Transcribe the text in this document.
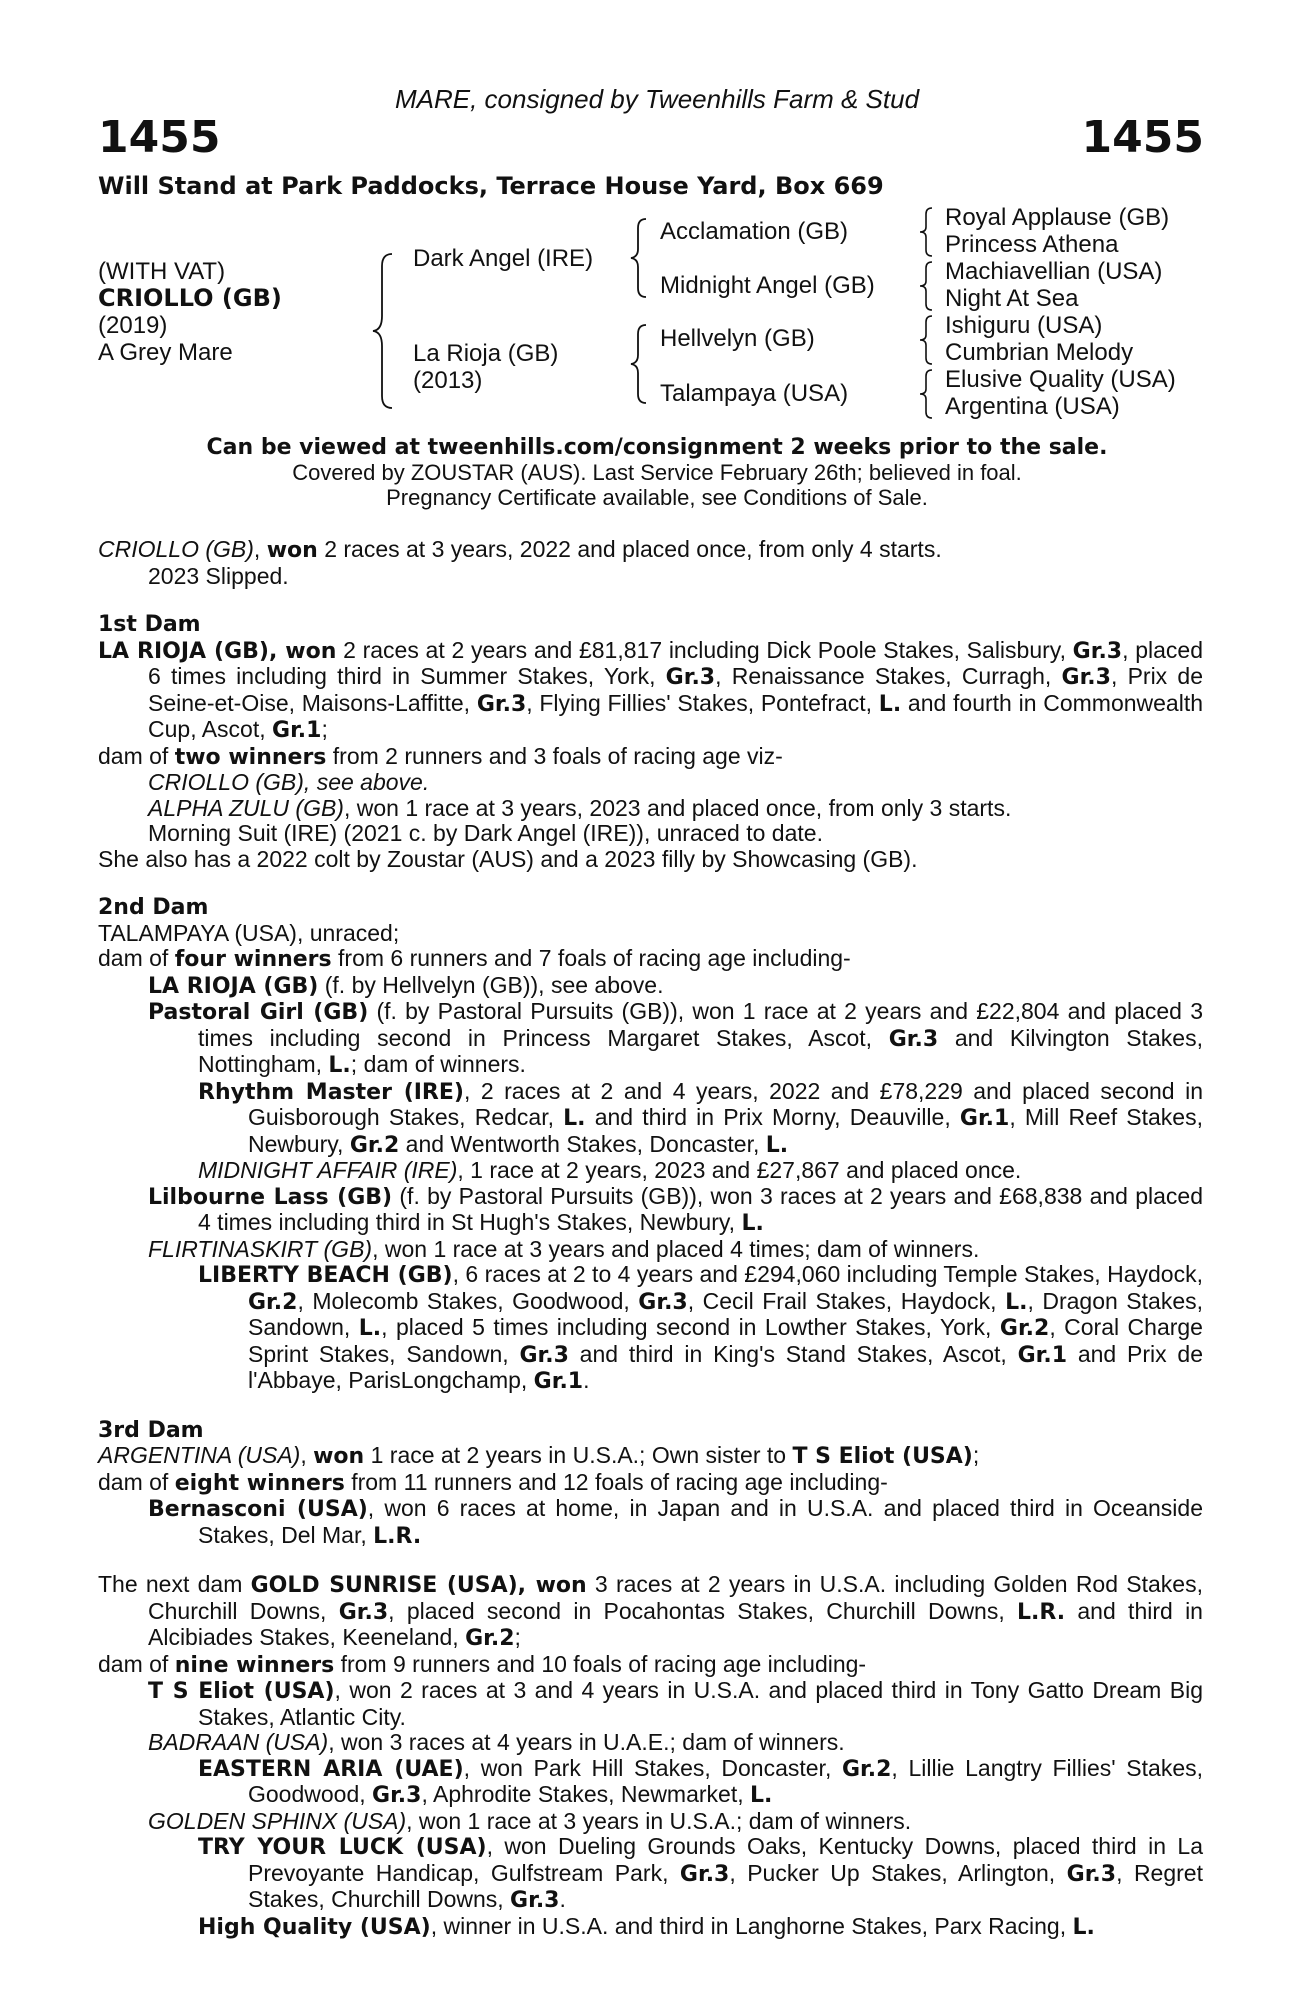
MARE, consigned by Tweenhills Farm & Stud
1455	1455
Will Stand at Park Paddocks, Terrace House Yard, Box 669
(WITH VAT)
CRIOLLO (GB)
(2019)
A Grey Mare
Dark Angel (IRE)
La Rioja (GB)
(2013)
Acclamation (GB)
Midnight Angel (GB)
Hellvelyn (GB)
Talampaya (USA)
Royal Applause (GB)
Princess Athena
Machiavellian (USA)
Night At Sea
Ishiguru (USA)
Cumbrian Melody
Elusive Quality (USA)
Argentina (USA)
Can be viewed at tweenhills.com/consignment 2 weeks prior to the sale.
Covered by ZOUSTAR (AUS). Last Service February 26th; believed in foal.
Pregnancy Certificate available, see Conditions of Sale.

CRIOLLO (GB), won 2 races at 3 years, 2022 and placed once, from only 4 starts.

2023 Slipped.

1st Dam

LA RIOJA (GB), won 2 races at 2 years and £81,817 including Dick Poole Stakes, Salisbury, Gr.3, placed 6 times including third in Summer Stakes, York, Gr.3, Renaissance Stakes, Curragh, Gr.3, Prix de Seine-et-Oise, Maisons-Laffitte, Gr.3, Flying Fillies' Stakes, Pontefract, L. and fourth in Commonwealth Cup, Ascot, Gr.1;

dam of two winners from 2 runners and 3 foals of racing age viz-

CRIOLLO (GB), see above.

ALPHA ZULU (GB), won 1 race at 3 years, 2023 and placed once, from only 3 starts.

Morning Suit (IRE) (2021 c. by Dark Angel (IRE)), unraced to date.

She also has a 2022 colt by Zoustar (AUS) and a 2023 filly by Showcasing (GB).

2nd Dam

TALAMPAYA (USA), unraced;

dam of four winners from 6 runners and 7 foals of racing age including-

LA RIOJA (GB) (f. by Hellvelyn (GB)), see above.

Pastoral Girl (GB) (f. by Pastoral Pursuits (GB)), won 1 race at 2 years and £22,804 and placed 3 times including second in Princess Margaret Stakes, Ascot, Gr.3 and Kilvington Stakes, Nottingham, L.; dam of winners.

Rhythm Master (IRE), 2 races at 2 and 4 years, 2022 and £78,229 and placed second in Guisborough Stakes, Redcar, L. and third in Prix Morny, Deauville, Gr.1, Mill Reef Stakes, Newbury, Gr.2 and Wentworth Stakes, Doncaster, L.

MIDNIGHT AFFAIR (IRE), 1 race at 2 years, 2023 and £27,867 and placed once.

Lilbourne Lass (GB) (f. by Pastoral Pursuits (GB)), won 3 races at 2 years and £68,838 and placed 4 times including third in St Hugh's Stakes, Newbury, L.

FLIRTINASKIRT (GB), won 1 race at 3 years and placed 4 times; dam of winners.

LIBERTY BEACH (GB), 6 races at 2 to 4 years and £294,060 including Temple Stakes, Haydock, Gr.2, Molecomb Stakes, Goodwood, Gr.3, Cecil Frail Stakes, Haydock, L., Dragon Stakes, Sandown, L., placed 5 times including second in Lowther Stakes, York, Gr.2, Coral Charge Sprint Stakes, Sandown, Gr.3 and third in King's Stand Stakes, Ascot, Gr.1 and Prix de l'Abbaye, ParisLongchamp, Gr.1.

3rd Dam

ARGENTINA (USA), won 1 race at 2 years in U.S.A.; Own sister to T S Eliot (USA);

dam of eight winners from 11 runners and 12 foals of racing age including-

Bernasconi (USA), won 6 races at home, in Japan and in U.S.A. and placed third in Oceanside Stakes, Del Mar, L.R.

The next dam GOLD SUNRISE (USA), won 3 races at 2 years in U.S.A. including Golden Rod Stakes, Churchill Downs, Gr.3, placed second in Pocahontas Stakes, Churchill Downs, L.R. and third in Alcibiades Stakes, Keeneland, Gr.2;

dam of nine winners from 9 runners and 10 foals of racing age including-

T S Eliot (USA), won 2 races at 3 and 4 years in U.S.A. and placed third in Tony Gatto Dream Big Stakes, Atlantic City.

BADRAAN (USA), won 3 races at 4 years in U.A.E.; dam of winners.

EASTERN ARIA (UAE), won Park Hill Stakes, Doncaster, Gr.2, Lillie Langtry Fillies' Stakes, Goodwood, Gr.3, Aphrodite Stakes, Newmarket, L.

GOLDEN SPHINX (USA), won 1 race at 3 years in U.S.A.; dam of winners.

TRY YOUR LUCK (USA), won Dueling Grounds Oaks, Kentucky Downs, placed third in La Prevoyante Handicap, Gulfstream Park, Gr.3, Pucker Up Stakes, Arlington, Gr.3, Regret Stakes, Churchill Downs, Gr.3.

High Quality (USA), winner in U.S.A. and third in Langhorne Stakes, Parx Racing, L.
